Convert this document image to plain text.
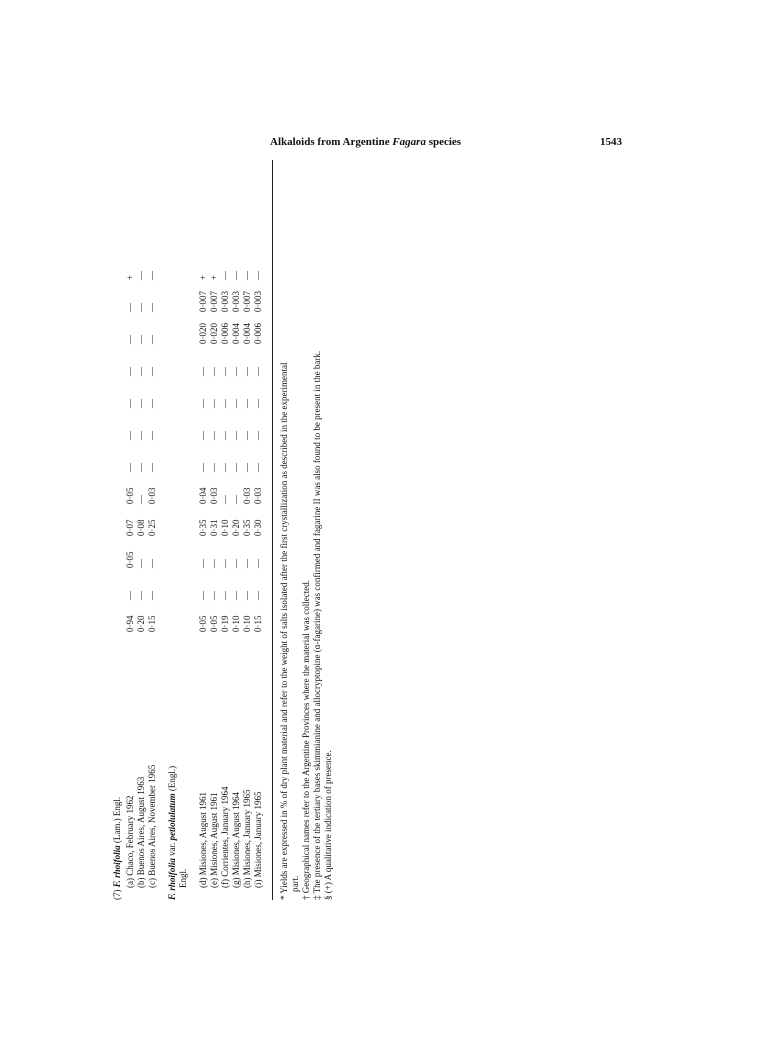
Alkaloids from Argentine Fagara species	1543
(7) F. rhoifolia (Lam.) Engl. (a) Chaco, February 1962 (b) Buenos Aires, August 1963 (c) Buenos Aires, November 1965 F. rhoifolia var. petiolulatum (Engl.)
Engl. (d) Misiones, August 1961 (e) Misiones, August 1961 (f) Corrientes, January 1964 (g) Misiones, August 1964 (h) Misiones, January 1965 (i) Misiones, January 1965
0·94
—
0·05
0·07
0·05
—
—
—
—
—
—
+
0·20
—
—
0·08
—
—
—
—
—
—
—
—
0·15
—
—
0·25
0·03
—
—
—
—
—
—
—
0·05
—
—
0·35
0·04
—
—
—
—
0·020
0·007
+
0·05
—
—
0·31
0·03
—
—
—
—
0·020
0·007
+
0·19
—
—
0·10
—
—
—
—
—
0·006
0·003
—
0·10
—
—
0·20
—
—
—
—
—
0·004
0·003
—
0·10
—
—
0·35
0·03
—
—
—
—
0·004
0·007
—
0·15
—
—
0·30
0·03
—
—
—
—
0·006
0·003
—
* Yields are expressed in % of dry plant material and refer to the weight of salts isolated after the first crystallization as described in the experimental part. † Geographical names refer to the Argentine Provinces where the material was collected. ‡ The presence of the tertiary bases skimmianine and allocryptopine (α-fagarine) was confirmed and fagarine II was also found to be present in the bark. § (+) A qualitative indication of presence.
